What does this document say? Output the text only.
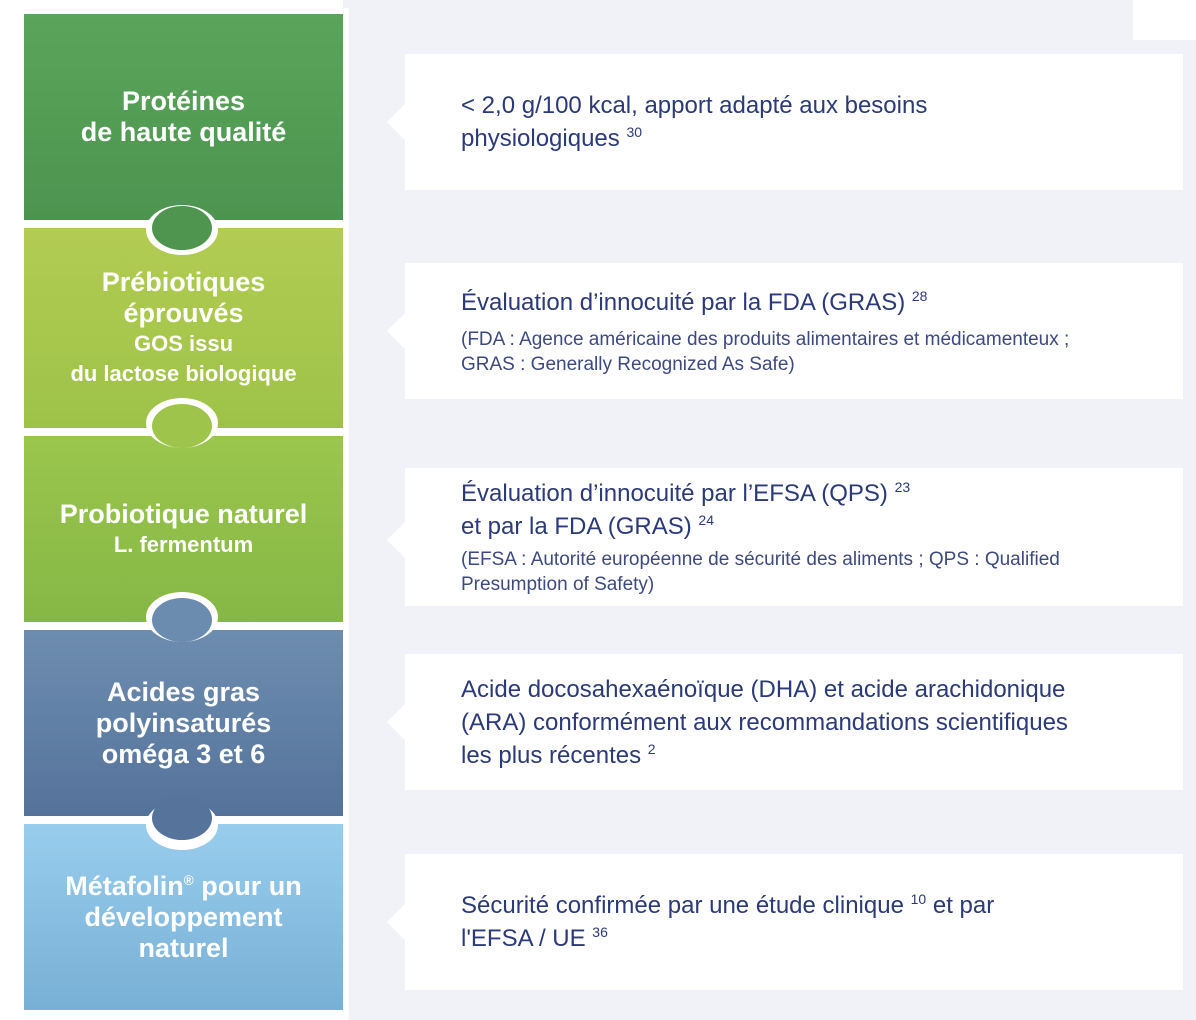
Protéines
de haute qualité
Prébiotiques
éprouvés
GOS issu
du lactose biologique
Probiotique naturel
L. fermentum
Acides gras
polyinsaturés
oméga 3 et 6
Métafolin® pour un
développement
naturel
< 2,0 g/100 kcal, apport adapté aux besoins
physiologiques $^{30}$
Évaluation d’innocuité par la FDA (GRAS) $^{28}$
(FDA : Agence américaine des produits alimentaires et médicamenteux ;
GRAS : Generally Recognized As Safe)
Évaluation d’innocuité par l’EFSA (QPS) $^{23}$
et par la FDA (GRAS) $^{24}$
(EFSA : Autorité européenne de sécurité des aliments ; QPS : Qualified
Presumption of Safety)
Acide docosahexaénoïque (DHA) et acide arachidonique
(ARA) conformément aux recommandations scientifiques
les plus récentes $^2$
Sécurité confirmée par une étude clinique $^{10}$ et par
l'EFSA / UE $^{36}$
